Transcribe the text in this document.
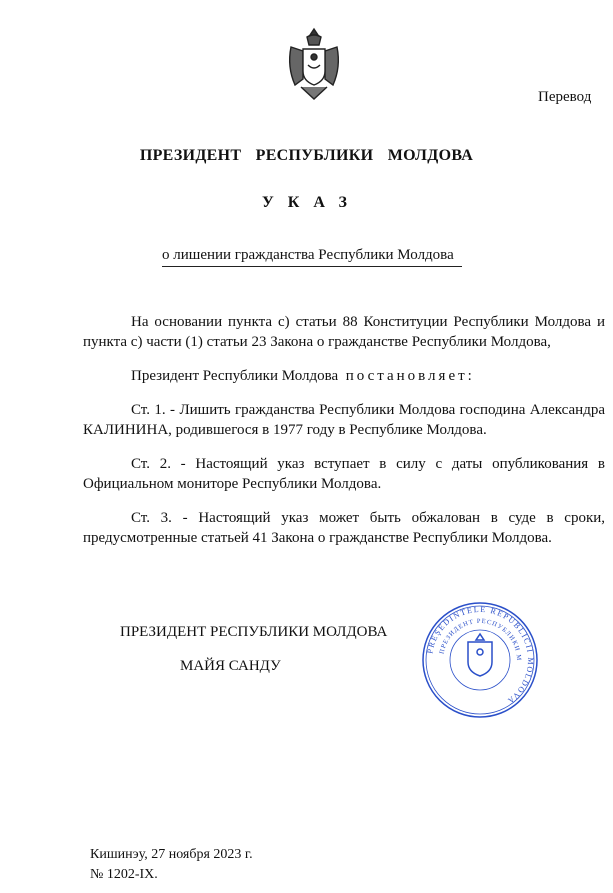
Перевод
ПРЕЗИДЕНТ РЕСПУБЛИКИ МОЛДОВА
УКАЗ
о лишении гражданства Республики Молдова
На основании пункта c) статьи 88 Конституции Республики Молдова и пункта c) части (1) статьи 23 Закона о гражданстве Республики Молдова,
Президент Республики Молдова постановляет:
Ст. 1. - Лишить гражданства Республики Молдова господина Александра КАЛИНИНА, родившегося в 1977 году в Республике Молдова.
Ст. 2. - Настоящий указ вступает в силу с даты опубликования в Официальном мониторе Республики Молдова.
Ст. 3. - Настоящий указ может быть обжалован в суде в сроки, предусмотренные статьей 41 Закона о гражданстве Республики Молдова.
ПРЕЗИДЕНТ РЕСПУБЛИКИ МОЛДОВА
МАЙЯ САНДУ
PREŞEDINTELE REPUBLICII MOLDOVA
ПРЕЗИДЕНТ РЕСПУБЛИКИ М
Кишинэу, 27 ноября 2023 г.
№ 1202-IX.
